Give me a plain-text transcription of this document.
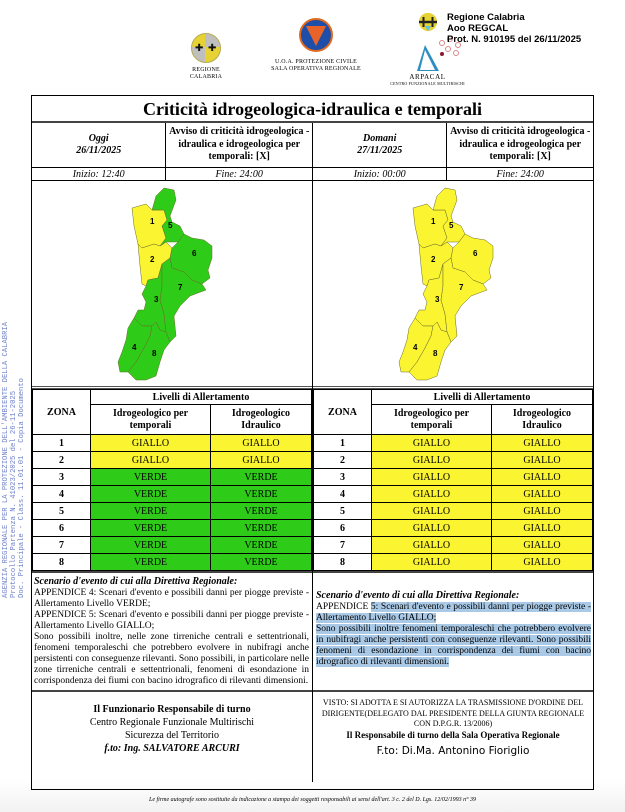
✚ ✚
REGIONE CALABRIA
U.O.A. PROTEZIONE CIVILE
SALA OPERATIVA REGIONALE
ARPACAL
CENTRO FUNZIONALE MULTIRISCHI
Regione Calabria
Aoo REGCAL
Prot. N. 910195 del 26/11/2025
AGENZIA REGIONALE PER LA PROTEZIONE DELL'AMBIENTE DELLA CALABRIA Protocollo Partenza N. 41023/2025 del 26-11-2025 Doc. Principale - Class. 11.01.01 - Copia Documento
Criticità idrogeologica-idraulica e temporali
Oggi
26/11/2025
Avviso di criticità idrogeologica - idraulica e idrogeologica per temporali: [X]
Inizio: 12:40	Fine: 24:00
1
2
3
4
5
6
7
8
ZONA	Livelli di Allertamento	
	Idrogeologico per temporali	Idrogeologico Idraulico
1	GIALLO	GIALLO
2	GIALLO	GIALLO
3	VERDE	VERDE
4	VERDE	VERDE
5	VERDE	VERDE
6	VERDE	VERDE
7	VERDE	VERDE
8	VERDE	VERDE
Scenario d'evento di cui alla Direttiva Regionale:
APPENDICE 4: Scenari d'evento e possibili danni per piogge previste - Allertamento Livello VERDE;
APPENDICE 5: Scenari d'evento e possibili danni per piogge previste - Allertamento Livello GIALLO;
Sono possibili inoltre, nelle zone tirreniche centrali e settentrionali, fenomeni temporaleschi che potrebbero evolvere in nubifragi anche persistenti con conseguenze rilevanti. Sono possibili, in particolare nelle zone tirreniche centrali e settentrionali, fenomeni di esondazione in corrispondenza dei fiumi con bacino idrografico di rilevanti dimensioni.
Il Funzionario Responsabile di turno
Centro Regionale Funzionale Multirischi
Sicurezza del Territorio
f.to: Ing. SALVATORE ARCURI
Domani
27/11/2025
Avviso di criticità idrogeologica - idraulica e idrogeologica per temporali: [X]
Inizio: 00:00	Fine: 24:00
1
2
3
4
5
6
7
8
ZONA	Livelli di Allertamento	
	Idrogeologico per temporali	Idrogeologico Idraulico
1	GIALLO	GIALLO
2	GIALLO	GIALLO
3	GIALLO	GIALLO
4	GIALLO	GIALLO
5	GIALLO	GIALLO
6	GIALLO	GIALLO
7	GIALLO	GIALLO
8	GIALLO	GIALLO
Scenario d'evento di cui alla Direttiva Regionale:
APPENDICE 5: Scenari d'evento e possibili danni per piogge previste - Allertamento Livello GIALLO;
Sono possibili inoltre fenomeni temporaleschi che potrebbero evolvere in nubifragi anche persistenti con conseguenze rilevanti. Sono possibili fenomeni di esondazione in corrispondenza dei fiumi con bacino idrografico di rilevanti dimensioni.
VISTO: SI ADOTTA E SI AUTORIZZA LA TRASMISSIONE D'ORDINE DEL DIRIGENTE(DELEGATO DAL PRESIDENTE DELLA GIUNTA REGIONALE CON D.P.G.R. 13/2006)
Il Responsabile di turno della Sala Operativa Regionale
F.to: Di.Ma. Antonino Fioriglio
Le firme autografe sono sostituite da indicazione a stampa dei soggetti responsabili ai sensi dell'art. 3 c. 2 del D. Lgs. 12/02/1993 n° 39
